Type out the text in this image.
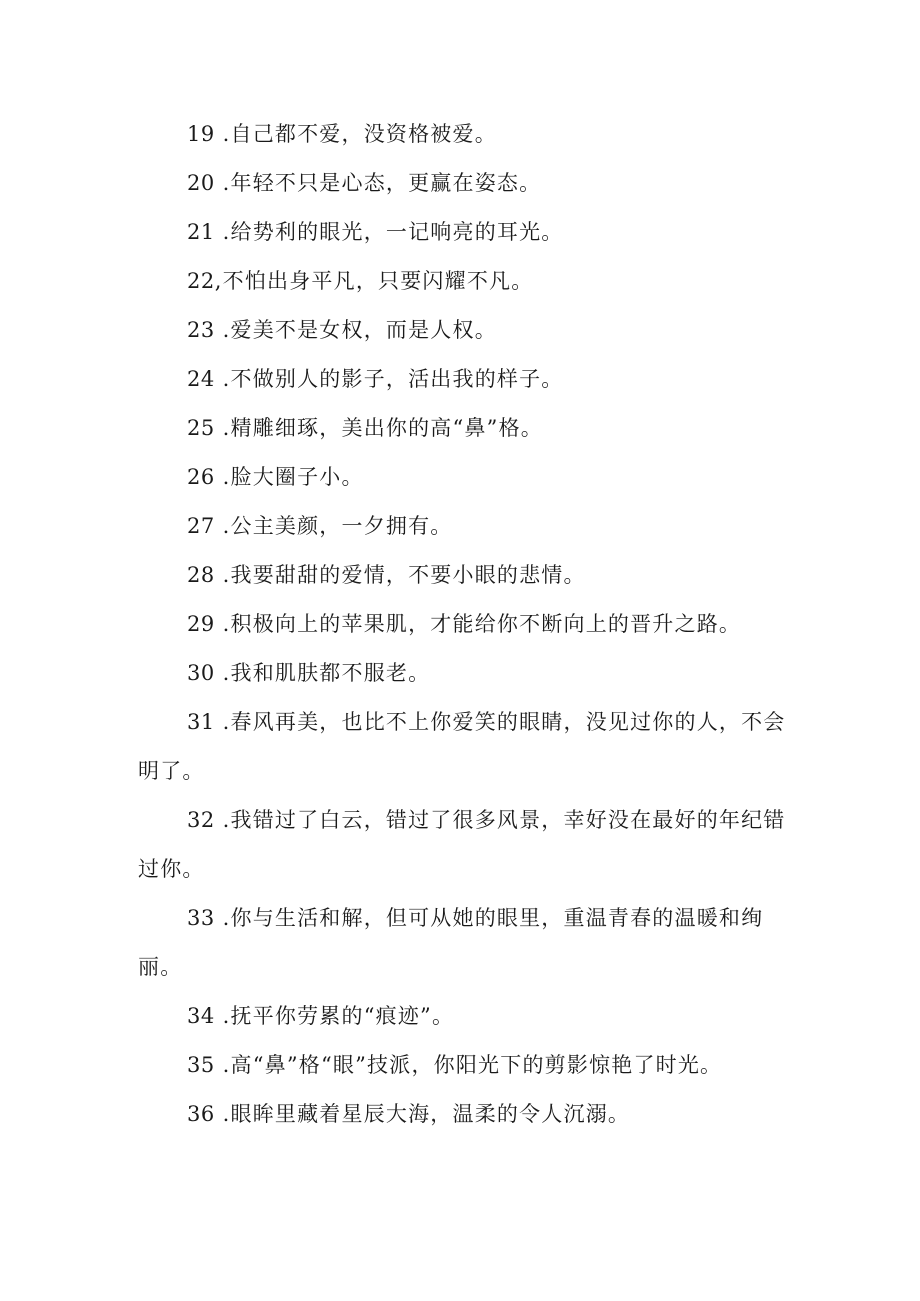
19 .自己都不爱，没资格被爱。
20 .年轻不只是心态，更赢在姿态。
21 .给势利的眼光，一记响亮的耳光。
22,不怕出身平凡，只要闪耀不凡。
23 .爱美不是女权，而是人权。
24 .不做别人的影子，活出我的样子。
25 .精雕细琢，美出你的高“鼻”格。
26 .脸大圈子小。
27 .公主美颜，一夕拥有。
28 .我要甜甜的爱情，不要小眼的悲情。
29 .积极向上的苹果肌，才能给你不断向上的晋升之路。
30 .我和肌肤都不服老。
31 .春风再美，也比不上你爱笑的眼睛，没见过你的人，不会明了。
32 .我错过了白云，错过了很多风景，幸好没在最好的年纪错过你。
33 .你与生活和解，但可从她的眼里，重温青春的温暖和绚丽。
34 .抚平你劳累的“痕迹”。
35 .高“鼻”格“眼”技派，你阳光下的剪影惊艳了时光。
36 .眼眸里藏着星辰大海，温柔的令人沉溺。
